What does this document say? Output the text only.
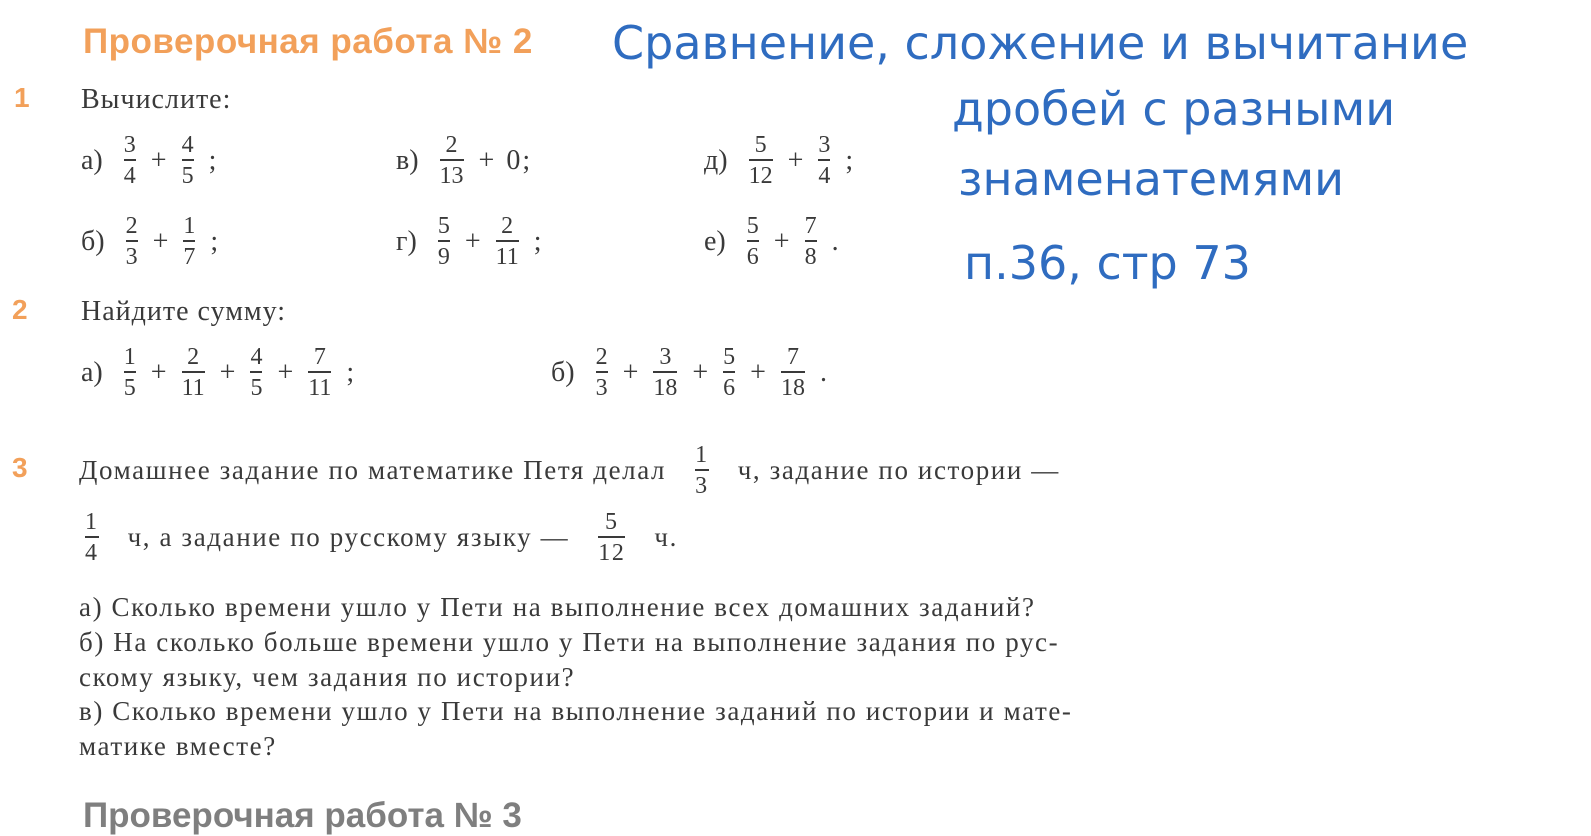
Проверочная работа № 2 Сравнение, сложение и вычитание
дробей с разными
знаменатемями
п.36, стр 73
1 Вычислите:
$а) \frac{3}{4} + \frac{4}{5}$ ;	$в) \frac{2}{13} + 0$ ;	$д) \frac{5}{12} + \frac{3}{4}$ ;
$б) \frac{2}{3} + \frac{1}{7}$ ;	$г) \frac{5}{9} + \frac{2}{11}$ ;	$е) \frac{5}{6} + \frac{7}{8}$ .
2 Найдите сумму:
$а) \frac{1}{5} + \frac{2}{11} + \frac{4}{5} + \frac{7}{11}$ ;	$б) \frac{2}{3} + \frac{3}{18} + \frac{5}{6} + \frac{7}{18}$ .
3 Домашнее задание по математике Петя делал $\frac{1}{3} ч$, задание по истории —
$\frac{1}{4} ч$, а задание по русскому языку — $\frac{5}{12} ч$.
а) Сколько времени ушло у Пети на выполнение всех домашних заданий?
б) На сколько больше времени ушло у Пети на выполнение задания по рус-
скому языку, чем задания по истории?
в) Сколько времени ушло у Пети на выполнение заданий по истории и мате-
матике вместе?
Проверочная работа № 3
